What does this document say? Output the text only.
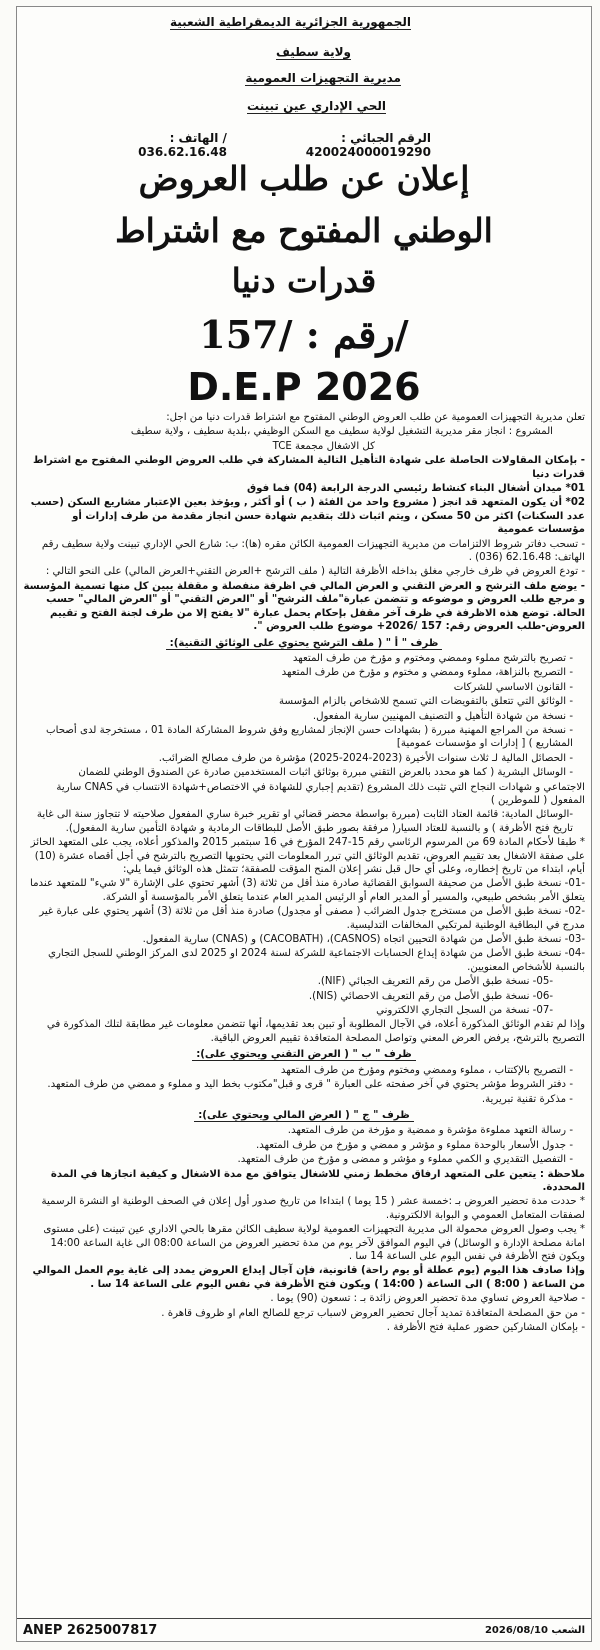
الجمهورية الجزائرية الديمقراطية الشعبية
ولاية سطيف
مديرية التجهيزات العمومية
الحي الإداري عين تبينت
الرقم الجبائي : 420024000019290
/ الهاتف : 036.62.16.48
إعلان عن طلب العروض
الوطني المفتوح مع اشتراط
قدرات دنيا
رقم : /157/
D.E.P 2026

تعلن مديرية التجهيزات العمومية عن طلب العروض الوطني المفتوح مع اشتراط قدرات دنيا من اجل:

المشروع : انجاز مقر مديرية التشغيل لولاية سطيف مع السكن الوظيفي ،بلدية سطيف ، ولاية سطيف

كل الاشغال مجمعة TCE

- بإمكان المقاولات الحاصلة على شهادة التأهيل التالية المشاركة في طلب العروض الوطني المفتوح مع اشتراط قدرات دنيا

01* ميدان أشغال البناء كنشاط رئيسي الدرجة الرابعة (04) فما فوق

02* أن يكون المتعهد قد انجز ( مشروع واحد من الفئة ( ب ) أو أكثر , ويؤخذ بعين الإعتبار مشاريع السكن (حسب عدد السكنات) اكثر من 50 مسكن ، ويتم اثبات ذلك بتقديم شهادة حسن انجاز مقدمة من طرف إدارات أو مؤسسات عمومية

- تسحب دفاتر شروط الالتزامات من مديرية التجهيزات العمومية الكائن مقره (ها): ب: شارع الحي الإداري تبينت ولاية سطيف رقم الهاتف: 62.16.48 (036) .

- تودع العروض في ظرف خارجي مغلق بداخله الأظرفة التالية ( ملف الترشح +العرض التقني+العرض المالي) على النحو التالي :

- يوضع ملف الترشح و العرض التقني و العرض المالي في اظرفة منفصلة و مقفلة يبين كل منها تسمية المؤسسة و مرجع طلب العروض و موضوعه و تتضمن عبارة"ملف الترشح" أو "العرض التقني" أو "العرض المالي" حسب الحالة. توضع هذه الاظرفة في ظرف آخر مقفل بإحكام يحمل عبارة "لا يفتح إلا من طرف لجنة الفتح و تقييم العروض-طلب العروض رقم: 157 /2026+ موضوع طلب العروض ".

ظرف " أ " ( ملف الترشح يحتوي على الوثائق التقنية):

- تصريح بالترشح مملوء وممضي ومختوم و مؤرخ من طرف المتعهد

- التصريح بالنزاهة، مملوء وممضي و مختوم و مؤرخ من طرف المتعهد

- القانون الاساسي للشركات

- الوثائق التي تتعلق بالتفويضات التي تسمح للاشخاص بالزام المؤسسة

- نسخة من شهادة التأهيل و التصنيف المهنيين سارية المفعول.

- نسخة من المراجع المهنية مبررة ( بشهادات حسن الإنجاز لمشاريع وفق شروط المشاركة المادة 01 ، مستخرجة لدى أصحاب المشاريع ) [ إدارات او مؤسسات عمومية]

- الحصائل المالية لـ ثلاث سنوات الأخيرة (2023-2024-2025) مؤشرة من طرف مصالح الضرائب.

- الوسائل البشرية ( كما هو محدد بالعرض التقني مبررة بوثائق اثبات المستخدمين صادرة عن الصندوق الوطني للضمان

الاجتماعي و شهادات النجاح التي تثبت ذلك المشروع (تقديم إجباري للشهادة في الاختصاص+شهادة الانتساب في CNAS سارية المفعول ( للموطرين )

-الوسائل المادية: قائمة العتاد الثابت (مبررة بواسطة محضر قضائي او تقرير خبرة ساري المفعول صلاحيته لا تتجاوز سنة الى غاية تاريخ فتح الأظرفة ) و بالنسبة للعتاد السيار( مرفقة بصور طبق الأصل للبطاقات الرمادية و شهادة التأمين سارية المفعول).

* طبقا لأحكام المادة 69 من المرسوم الرئاسي رقم 15-247 المؤرخ في 16 سبتمبر 2015 والمذكور أعلاه، يجب على المتعهد الحائز على صفقة الاشغال بعد تقييم العروض، تقديم الوثائق التي تبرر المعلومات التي يحتويها التصريح بالترشح في أجل أقصاه عشرة (10) أيام، ابتداء من تاريخ إخطاره، وعلى أي حال قبل نشر إعلان المنح المؤقت للصفقة؛ تتمثل هذه الوثائق فيما يلي:

-01- نسخة طبق الأصل من صحيفة السوابق القضائية صادرة منذ أقل من ثلاثة (3) أشهر تحتوي على الإشارة "لا شيء" للمتعهد عندما يتعلق الأمر بشخص طبيعي، والمسير أو المدير العام أو الرئيس المدير العام عندما يتعلق الأمر بالمؤسسة أو الشركة.

-02- نسخة طبق الأصل من مستخرج جدول الضرائب ( مصفى أو مجدول) صادرة منذ أقل من ثلاثة (3) أشهر يحتوي على عبارة غير مدرج في البطاقية الوطنية لمرتكبي المخالفات التدليسية.

-03- نسخة طبق الأصل من شهادة التحيين اتجاه (CASNOS)، (CACOBATH) و (CNAS) سارية المفعول.

-04- نسخة طبق الأصل من شهادة إيداع الحسابات الاجتماعية للشركة لسنة 2024 او 2025 لدى المركز الوطني للسجل التجاري بالنسبة للأشخاص المعنويين.

-05- نسخة طبق الأصل من رقم التعريف الجبائي (NIF).

-06- نسخة طبق الأصل من رقم التعريف الاحصائي (NIS).

-07- نسخة من السجل التجاري الالكتروني

وإذا لم تقدم الوثائق المذكورة أعلاه، في الآجال المطلوبة أو تبين بعد تقديمها، أنها تتضمن معلومات غير مطابقة لتلك المذكورة في التصريح بالترشح، يرفض العرض المعني وتواصل المصلحة المتعاقدة تقييم العروض الباقية.

ظرف " ب " ( العرض التقني ويحتوي على):

- التصريح بالإكتتاب ، مملوء وممضي ومختوم ومؤرخ من طرف المتعهد

- دفتر الشروط مؤشر يحتوي في آخر صفحته على العبارة " قرى و قبل"مكتوب بخط اليد و مملوء و ممضي من طرف المتعهد.

- مذكرة تقنية تبريرية.

ظرف " ج " ( العرض المالي ويحتوي على):

- رسالة التعهد مملوءة مؤشرة و ممضية و مؤرخة من طرف المتعهد.

- جدول الأسعار بالوحدة مملوء و مؤشر و ممضي و مؤرخ من طرف المتعهد.

- التفصيل التقديري و الكمي مملوء و مؤشر و ممضى و مؤرخ من طرف المتعهد.

ملاحظة : يتعين على المتعهد ارفاق مخطط زمني للاشغال يتوافق مع مدة الاشغال و كيفية انجازها في المدة المحددة.

* حددت مدة تحضير العروض بـ :خمسة عشر ( 15 يوما ) ابتداءا من تاريخ صدور أول إعلان في الصحف الوطنية او النشرة الرسمية لصفقات المتعامل العمومي و البوابة الالكترونية.

* يجب وصول العروض محمولة الى مديرية التجهيزات العمومية لولاية سطيف الكائن مقرها بالحي الاداري عين تبينت (على مستوى امانة مصلحة الإدارة و الوسائل) في اليوم الموافق لآخر يوم من مدة تحضير العروض من الساعة 08:00 الى غاية الساعة 14:00 ويكون فتح الأظرفة في نفس اليوم على الساعة 14 سا .

وإذا صادف هذا اليوم (يوم عطلة أو يوم راحة) قانونية، فإن آجال إيداع العروض يمدد إلى غاية يوم العمل الموالي من الساعة ( 8:00 ) الى الساعة ( 14:00 ) ويكون فتح الأظرفة في نفس اليوم على الساعة 14 سا .

- صلاحية العروض تساوي مدة تحضير العروض زائدة بـ : تسعون (90) يوما .

- من حق المصلحة المتعاقدة تمديد آجال تحضير العروض لاسباب ترجع للصالح العام او ظروف قاهرة .

- بإمكان المشاركين حضور عملية فتح الأظرفة .

ANEP 2625007817	الشعب 2026/08/10
